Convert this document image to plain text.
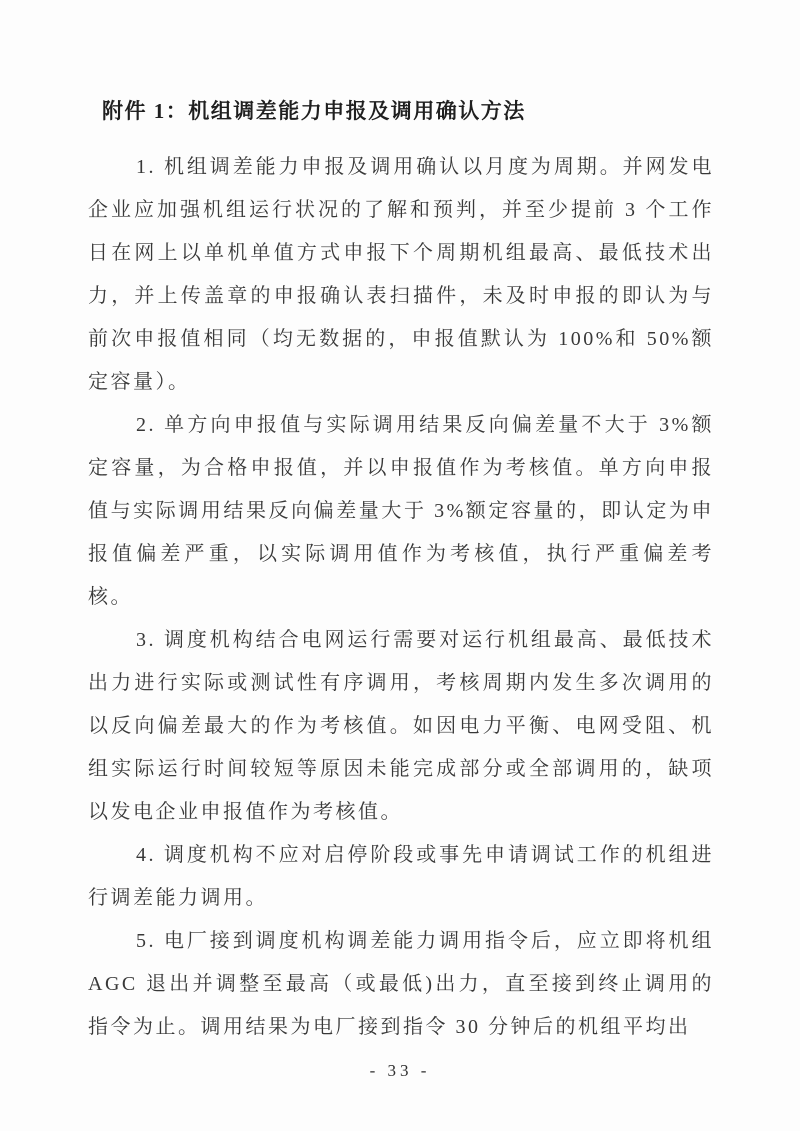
附件 1：机组调差能力申报及调用确认方法

1. 机组调差能力申报及调用确认以月度为周期。并网发电企业应加强机组运行状况的了解和预判，并至少提前 3 个工作日在网上以单机单值方式申报下个周期机组最高、最低技术出力，并上传盖章的申报确认表扫描件，未及时申报的即认为与前次申报值相同（均无数据的，申报值默认为 100%和 50%额定容量）。

2. 单方向申报值与实际调用结果反向偏差量不大于 3%额定容量，为合格申报值，并以申报值作为考核值。单方向申报值与实际调用结果反向偏差量大于 3%额定容量的，即认定为申报值偏差严重，以实际调用值作为考核值，执行严重偏差考核。

3. 调度机构结合电网运行需要对运行机组最高、最低技术出力进行实际或测试性有序调用，考核周期内发生多次调用的以反向偏差最大的作为考核值。如因电力平衡、电网受阻、机组实际运行时间较短等原因未能完成部分或全部调用的，缺项以发电企业申报值作为考核值。

4. 调度机构不应对启停阶段或事先申请调试工作的机组进行调差能力调用。

5. 电厂接到调度机构调差能力调用指令后，应立即将机组 AGC 退出并调整至最高（或最低)出力，直至接到终止调用的指令为止。调用结果为电厂接到指令 30 分钟后的机组平均出

- 33 -
